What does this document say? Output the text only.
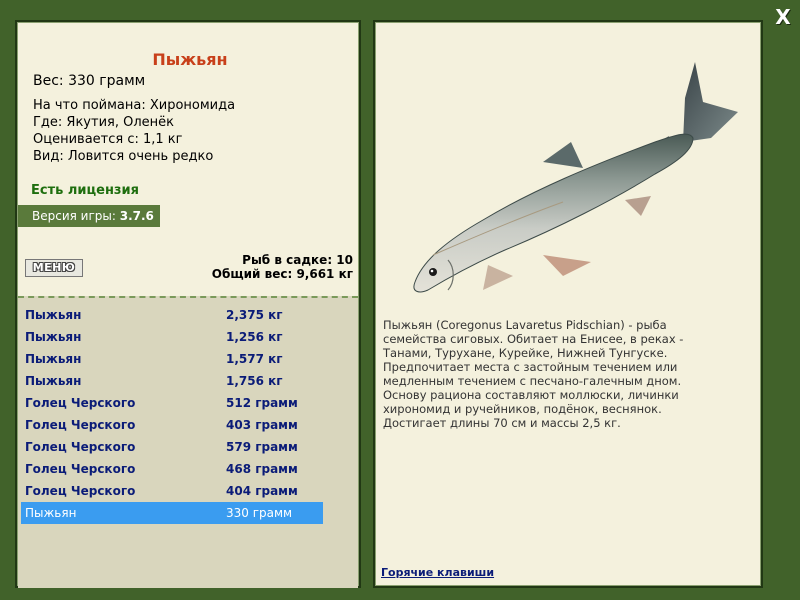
X
Пыжьян
Вес: 330 грамм
На что поймана: Хирономида
Где: Якутия, Оленёк
Оценивается с: 1,1 кг
Вид: Ловится очень редко
Есть лицензия
Версия игры: 3.7.6
МЕНЮ
Рыб в садке: 10
Общий вес: 9,661 кг
Пыжьян	2,375 кг
Пыжьян	1,256 кг
Пыжьян	1,577 кг
Пыжьян	1,756 кг
Голец Черского	512 грамм
Голец Черского	403 грамм
Голец Черского	579 грамм
Голец Черского	468 грамм
Голец Черского	404 грамм
Пыжьян	330 грамм
Пыжьян (Coregonus Lavaretus Pidschian) - рыба семейства сиговых. Обитает на Енисее, в реках - Танами, Турухане, Курейке, Нижней Тунгуске. Предпочитает места с застойным течением или медленным течением с песчано-галечным дном. Основу рациона составляют моллюски, личинки хирономид и ручейников, подёнок, веснянок. Достигает длины 70 см и массы 2,5 кг.
Горячие клавиши
